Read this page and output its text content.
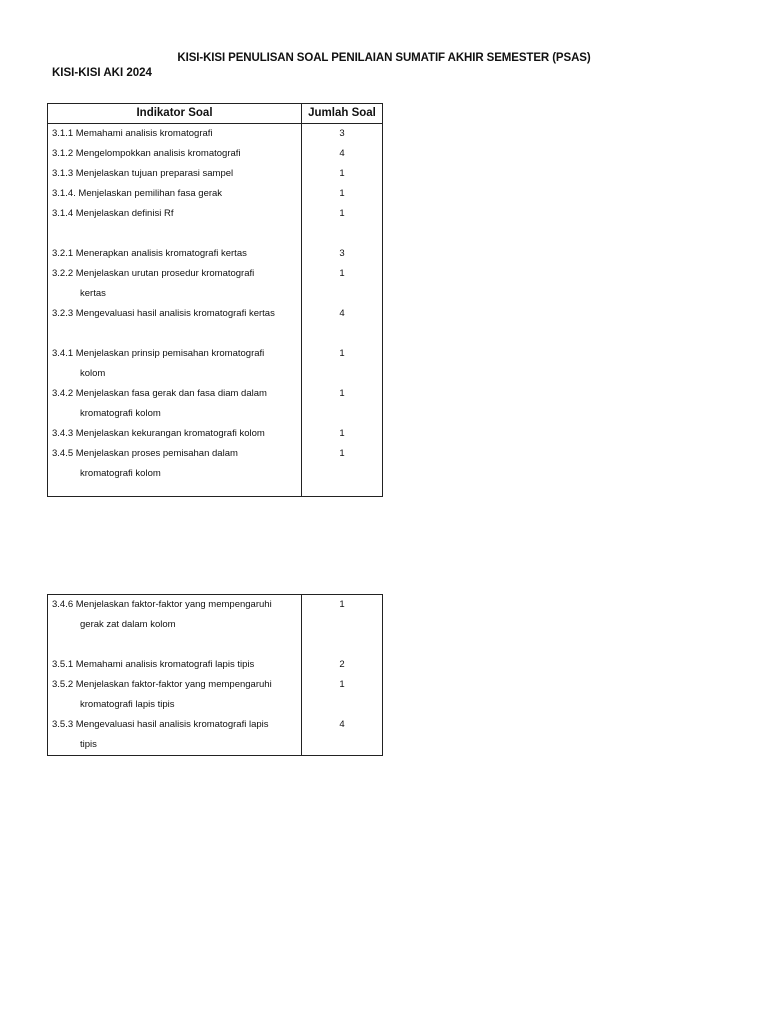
KISI-KISI PENULISAN SOAL PENILAIAN SUMATIF AKHIR SEMESTER (PSAS)
KISI-KISI AKI 2024
Indikator Soal	Jumlah Soal

3.1.1 Memahami analisis kromatografi	3

3.1.2 Mengelompokkan analisis kromatografi	4

3.1.3 Menjelaskan tujuan preparasi sampel	1

3.1.4. Menjelaskan pemilihan fasa gerak	1

3.1.4 Menjelaskan definisi Rf	1

3.2.1 Menerapkan analisis kromatografi kertas	3

3.2.2 Menjelaskan urutan prosedur kromatografi
kertas	1

3.2.3 Mengevaluasi hasil analisis kromatografi kertas	4

3.4.1 Menjelaskan prinsip pemisahan kromatografi
kolom	1

3.4.2 Menjelaskan fasa gerak dan fasa diam dalam
kromatografi kolom	1

3.4.3 Menjelaskan kekurangan kromatografi kolom	1

3.4.5 Menjelaskan proses pemisahan dalam
kromatografi kolom	1

3.4.6 Menjelaskan faktor-faktor yang mempengaruhi
gerak zat dalam kolom	1

3.5.1 Memahami analisis kromatografi lapis tipis	2

3.5.2 Menjelaskan faktor-faktor yang mempengaruhi
kromatografi lapis tipis	1

3.5.3 Mengevaluasi hasil analisis kromatografi lapis
tipis	4
